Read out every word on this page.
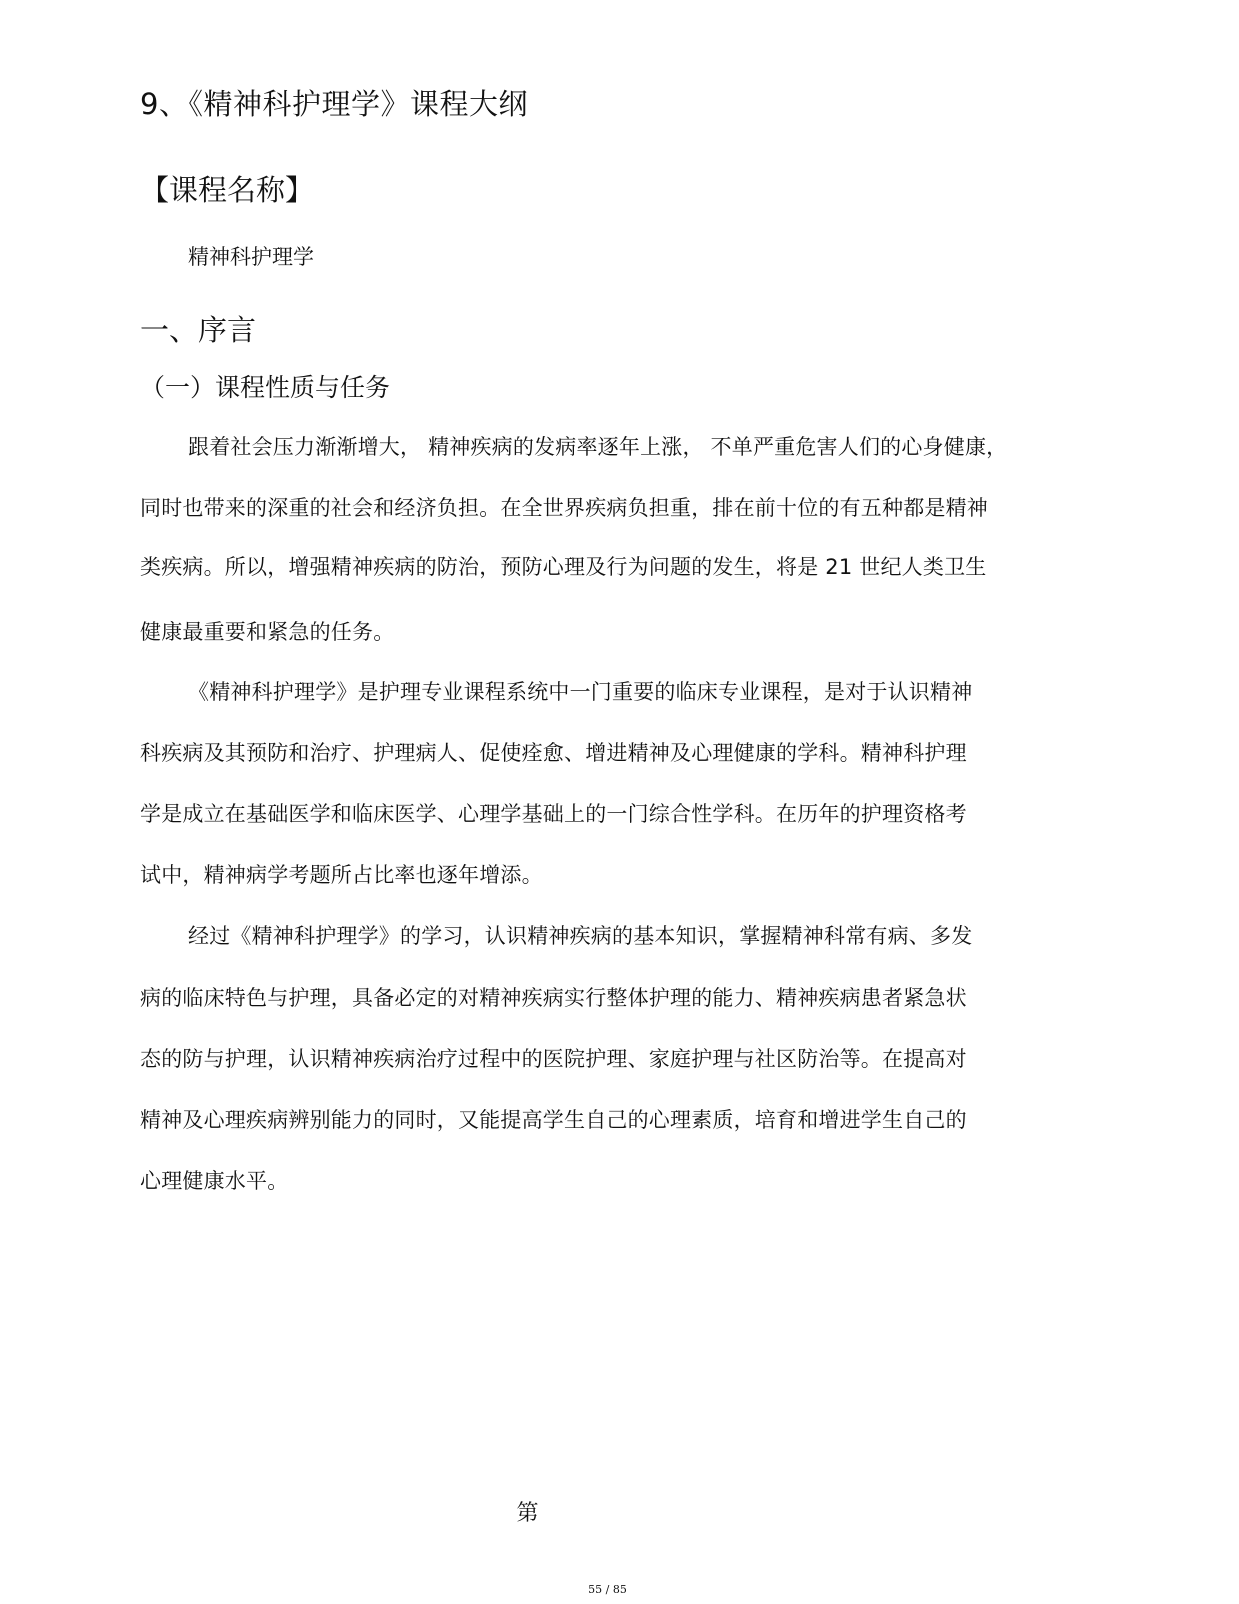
9、《精神科护理学》课程大纲
【课程名称】
精神科护理学
一、序言
（一）课程性质与任务
跟着社会压力渐渐增大， 精神疾病的发病率逐年上涨， 不单严重危害人们的心身健康，
同时也带来的深重的社会和经济负担。在全世界疾病负担重，排在前十位的有五种都是精神
类疾病。所以，增强精神疾病的防治，预防心理及行为问题的发生，将是 21 世纪人类卫生
健康最重要和紧急的任务。
《精神科护理学》是护理专业课程系统中一门重要的临床专业课程，是对于认识精神
科疾病及其预防和治疗、护理病人、促使痊愈、增进精神及心理健康的学科。精神科护理
学是成立在基础医学和临床医学、心理学基础上的一门综合性学科。在历年的护理资格考
试中，精神病学考题所占比率也逐年增添。
经过《精神科护理学》的学习，认识精神疾病的基本知识，掌握精神科常有病、多发
病的临床特色与护理，具备必定的对精神疾病实行整体护理的能力、精神疾病患者紧急状
态的防与护理，认识精神疾病治疗过程中的医院护理、家庭护理与社区防治等。在提高对
精神及心理疾病辨别能力的同时，又能提高学生自己的心理素质，培育和增进学生自己的
心理健康水平。
第
55 / 85
